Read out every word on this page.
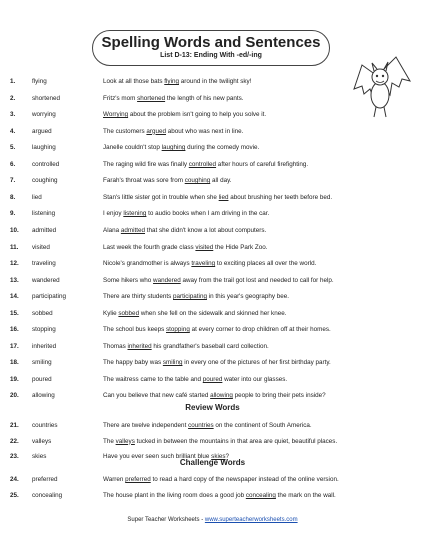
Spelling Words and Sentences
List D-13: Ending With -ed/-ing
1.	flying	Look at all those bats flying around in the twilight sky!
2.	shortened	Fritz's mom shortened the length of his new pants.
3.	worrying	Worrying about the problem isn't going to help you solve it.
4.	argued	The customers argued about who was next in line.
5.	laughing	Janelle couldn't stop laughing during the comedy movie.
6.	controlled	The raging wild fire was finally controlled after hours of careful firefighting.
7.	coughing	Farah's throat was sore from coughing all day.
8.	lied	Stan's little sister got in trouble when she lied about brushing her teeth before bed.
9.	listening	I enjoy listening to audio books when I am driving in the car.
10.	admitted	Alana admitted that she didn't know a lot about computers.
11.	visited	Last week the fourth grade class visited the Hide Park Zoo.
12.	traveling	Nicole's grandmother is always traveling to exciting places all over the world.
13.	wandered	Some hikers who wandered away from the trail got lost and needed to call for help.
14.	participating	There are thirty students participating in this year's geography bee.
15.	sobbed	Kylie sobbed when she fell on the sidewalk and skinned her knee.
16.	stopping	The school bus keeps stopping at every corner to drop children off at their homes.
17.	inherited	Thomas inherited his grandfather's baseball card collection.
18.	smiling	The happy baby was smiling in every one of the pictures of her first birthday party.
19.	poured	The waitress came to the table and poured water into our glasses.
20.	allowing	Can you believe that new café started allowing people to bring their pets inside?
Review Words
21.	countries	There are twelve independent countries on the continent of South America.
22.	valleys	The valleys tucked in between the mountains in that area are quiet, beautiful places.
23.	skies	Have you ever seen such brilliant blue skies?
Challenge Words
24.	preferred	Warren preferred to read a hard copy of the newspaper instead of the online version.
25.	concealing	The house plant in the living room does a good job concealing the mark on the wall.
Super Teacher Worksheets - www.superteacherworksheets.com
